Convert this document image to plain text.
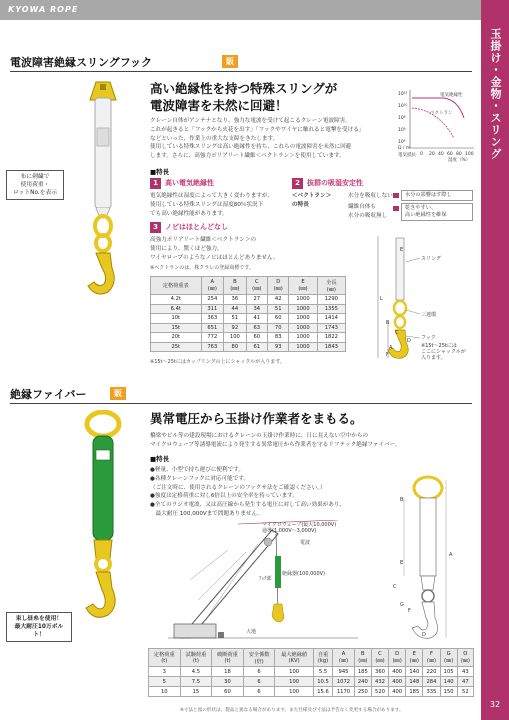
KYOWA ROPE
玉掛け・金物・スリング
32
電波障害絶縁スリングフック	販
布に刺繍で
使用荷重・
ロットNo.を表示
高い絶縁性を持つ特殊スリングが
電波障害を未然に回避！
クレーン自体がアンテナとなり、強力な電波を受けて起こるクレーン電波障害。
これが起きると「フックから火花を出す」「フックやワイヤに触れると電撃を受ける」
などといった、作業上の重大な支障をきたします。
使用している特殊スリングは高い絶縁性を持ち、これらの電波障害を未然に回避
します。さらに、高強力ポリアリート繊維＜ベクトラン＞を使用しています。
10¹²
10¹⁰
10⁸
10⁶
10⁴
電気絶縁性
ベクトラン
Ω / m
電気抵抗 0 20 40 60 80 100
湿度（%）
■特長
1 高い電気絶縁性
電気絶縁性は湿度によって大きく変わりますが、
使用している特殊スリングは湿度80％状況下
でも高い絶縁性能があります。
2 抜群の吸湿安定性
＜ベクトラン＞
の特長
水分を吸収しない
繊維自体も
水分の吸収無し
水分の影響はす際し
乾きやすい、
高い絶縁性を維保
3 ノビはほとんどなし
高強力ポリアリート繊維＜ベクトラン＞の
使用により、驚くほど強力。
ワイヤロープのようなノビはほとんどありません。
※ベクトランのは、株クラレの登録商標です。
定格荷重表	A
(㎜)	B
(㎜)	C
(㎜)	D
(㎜)	E
(㎜)	全長
(㎜)
4.2t	254	36	27	42	1000	1290
6.4t	311	44	34	51	1000	1355
10t	363	51	41	60	1000	1414
15t	651	92	63	70	1000	1743
20t	772	100	60	83	1000	1822
25t	763	80	61	93	1000	1843
※15t～25tにはカップリングの上にシャックルが入ります。
L
A
E
B
C
D
F
スリング
三連環
フック
※15t～25tには
ここにシャックルが
入ります。
絶縁ファイバー	販
束し昼糸を使用！
最大耐圧10万ボルト！
異常電圧から玉掛け作業者をまもる。
橋梁やビル等の建設現場におけるクレーンの玉掛け作業時に、日に見えない空中からの
マイクロウェーブ等誘導電流により発生する異常電圧から作業者を守るリフテック絶縁ファイバー。
■特長
●軽量、小型で持ち運びに便利です。
●各種クレーンフックに対応可能です。
（ご注文時に、使用されるクレーンのフックサ法をご確認ください。）
●強度は定格荷重に対し6倍以上の安全率を持っています。
●全てのラジオ電波、又は高圧線から発生する電圧に対して高い効果があり、
　最大耐圧 100,000Vまで問題ありません。
マイクロウェーブ(最大10,000V)
通導(1,000V～3,000V)
電波
絶縁器(100,000V)
ﾌｯｸ部
大地
B
A
E
C
G
F
D
定格荷重
(t)	試験荷重
(t)	破断荷重
(t)	安全係数
(倍)	最大絶縁値
(KV)	自重
(kg)	A
(㎜)	B
(㎜)	C
(㎜)	D
(㎜)	E
(㎜)	F
(㎜)	G
(㎜)	O
(㎜)
3	4.5	18	6	100	5.5	945	185	360	400	140	220	105	43
5	7.5	30	6	100	10.5	1072	240	432	400	148	284	140	47
10	15	60	6	100	15.6	1170	250	520	400	185	335	150	52
※寸法と図の形状は、製品と異なる場合があります。また仕様及び寸法は予告なく変更する場合があります。
